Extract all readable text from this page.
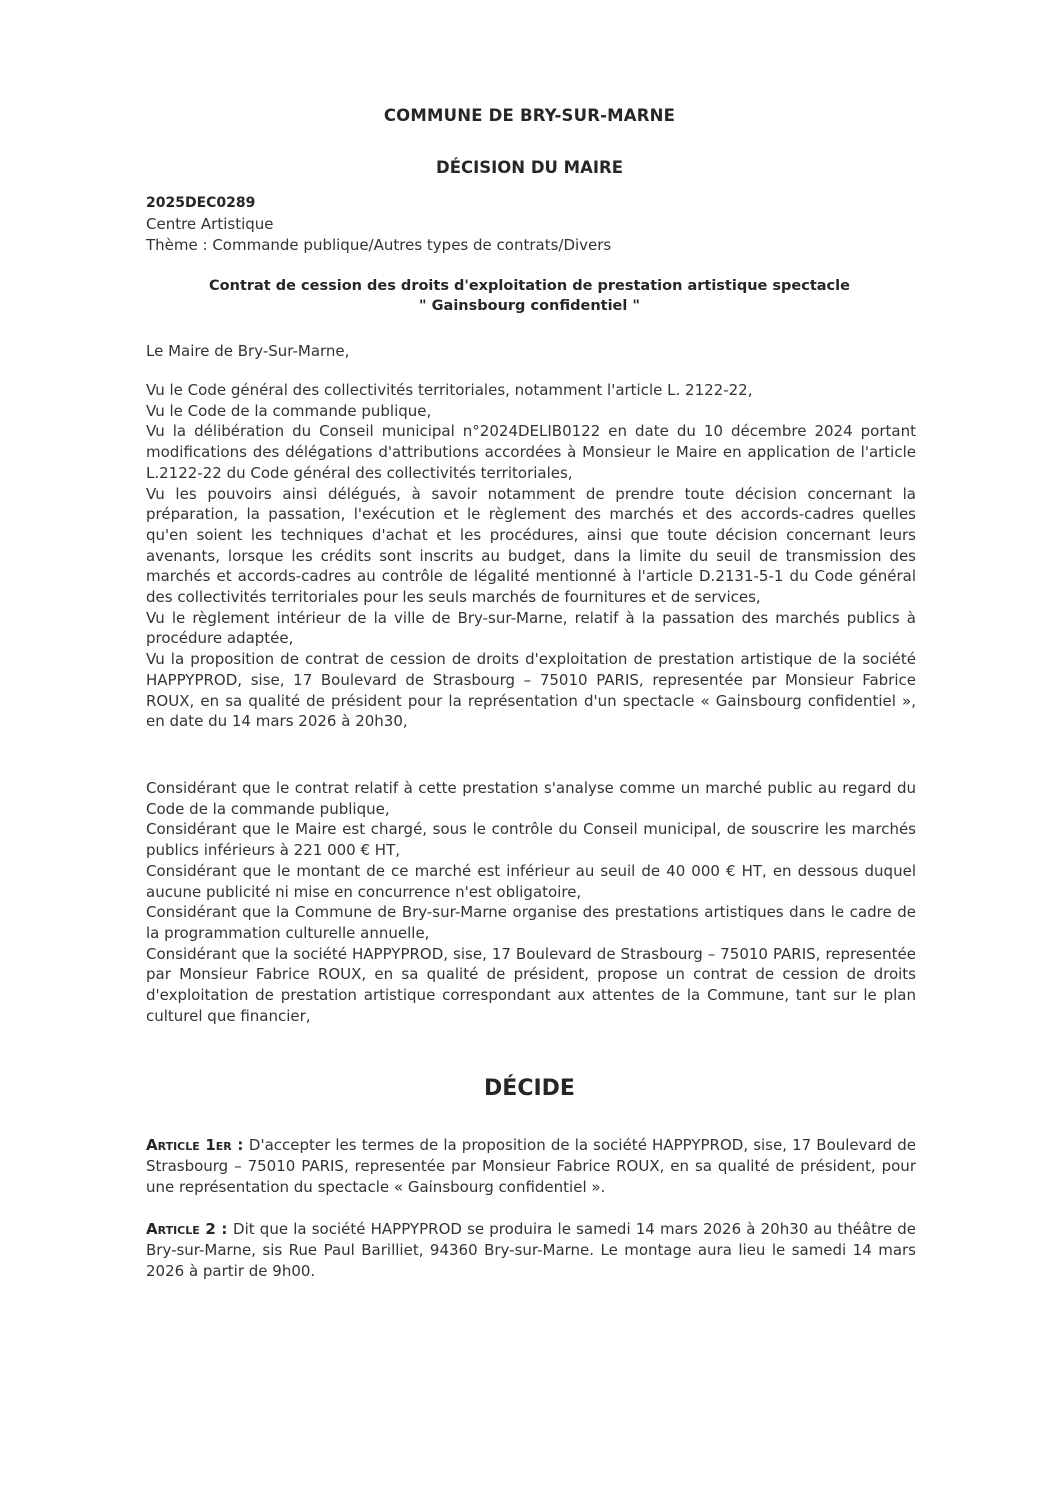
COMMUNE DE BRY-SUR-MARNE
DÉCISION DU MAIRE
2025DEC0289
Centre Artistique
Thème : Commande publique/Autres types de contrats/Divers
Contrat de cession des droits d'exploitation de prestation artistique spectacle
" Gainsbourg confidentiel "
Le Maire de Bry-Sur-Marne,

Vu le Code général des collectivités territoriales, notamment l'article L. 2122-22,

Vu le Code de la commande publique,

Vu la délibération du Conseil municipal n°2024DELIB0122 en date du 10 décembre 2024 portant modifications des délégations d'attributions accordées à Monsieur le Maire en application de l'article L.2122-22 du Code général des collectivités territoriales,

Vu les pouvoirs ainsi délégués, à savoir notamment de prendre toute décision concernant la préparation, la passation, l'exécution et le règlement des marchés et des accords-cadres quelles qu'en soient les techniques d'achat et les procédures, ainsi que toute décision concernant leurs avenants, lorsque les crédits sont inscrits au budget, dans la limite du seuil de transmission des marchés et accords-cadres au contrôle de légalité mentionné à l'article D.2131-5-1 du Code général des collectivités territoriales pour les seuls marchés de fournitures et de services,

Vu le règlement intérieur de la ville de Bry-sur-Marne, relatif à la passation des marchés publics à procédure adaptée,

Vu la proposition de contrat de cession de droits d'exploitation de prestation artistique de la société HAPPYPROD, sise, 17 Boulevard de Strasbourg – 75010 PARIS, representée par Monsieur Fabrice ROUX, en sa qualité de président pour la représentation d'un spectacle « Gainsbourg confidentiel », en date du 14 mars 2026 à 20h30,

Considérant que le contrat relatif à cette prestation s'analyse comme un marché public au regard du Code de la commande publique,

Considérant que le Maire est chargé, sous le contrôle du Conseil municipal, de souscrire les marchés publics inférieurs à 221 000 € HT,

Considérant que le montant de ce marché est inférieur au seuil de 40 000 € HT, en dessous duquel aucune publicité ni mise en concurrence n'est obligatoire,

Considérant que la Commune de Bry-sur-Marne organise des prestations artistiques dans le cadre de la programmation culturelle annuelle,

Considérant que la société HAPPYPROD, sise, 17 Boulevard de Strasbourg – 75010 PARIS, representée par Monsieur Fabrice ROUX, en sa qualité de président, propose un contrat de cession de droits d'exploitation de prestation artistique correspondant aux attentes de la Commune, tant sur le plan culturel que financier,

DÉCIDE
Article 1er : D'accepter les termes de la proposition de la société HAPPYPROD, sise, 17 Boulevard de Strasbourg – 75010 PARIS, representée par Monsieur Fabrice ROUX, en sa qualité de président, pour une représentation du spectacle « Gainsbourg confidentiel ».
Article 2 : Dit que la société HAPPYPROD se produira le samedi 14 mars 2026 à 20h30 au théâtre de Bry-sur-Marne, sis Rue Paul Barilliet, 94360 Bry-sur-Marne. Le montage aura lieu le samedi 14 mars 2026 à partir de 9h00.
